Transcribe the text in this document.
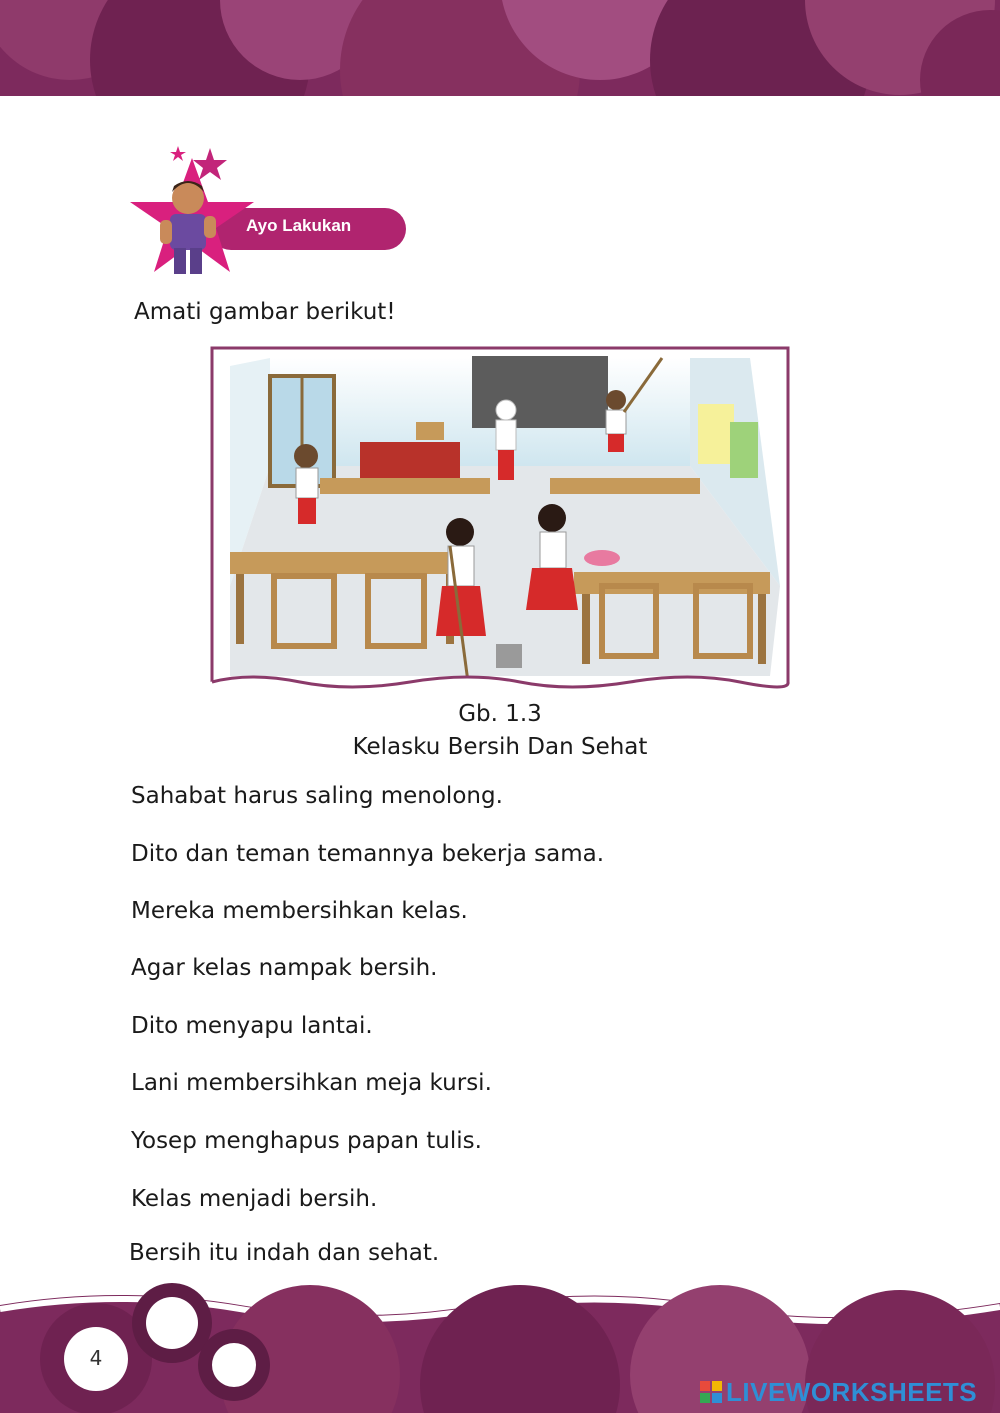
Ayo Lakukan
Amati gambar berikut!
Gb. 1.3
Kelasku Bersih Dan Sehat
Sahabat harus saling menolong.
Dito dan teman temannya bekerja sama.
Mereka membersihkan kelas.
Agar kelas nampak bersih.
Dito menyapu lantai.
Lani membersihkan meja kursi.
Yosep menghapus papan tulis.
Kelas menjadi bersih.
Bersih itu indah dan sehat.
4
LIVEWORKSHEETS
